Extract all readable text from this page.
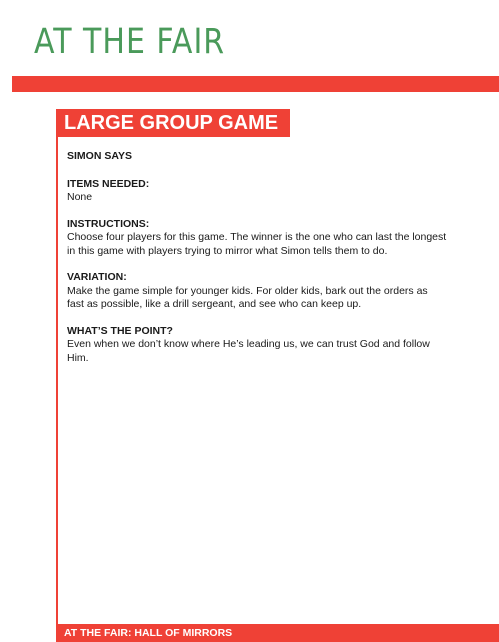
AT THE FAIR
LARGE GROUP GAME
SIMON SAYS
ITEMS NEEDED:
None
INSTRUCTIONS:
Choose four players for this game. The winner is the one who can last the longest in this game with players trying to mirror what Simon tells them to do.
VARIATION:
Make the game simple for younger kids. For older kids, bark out the orders as fast as possible, like a drill sergeant, and see who can keep up.
WHAT’S THE POINT?
Even when we don’t know where He’s leading us, we can trust God and follow Him.
AT THE FAIR: HALL OF MIRRORS
